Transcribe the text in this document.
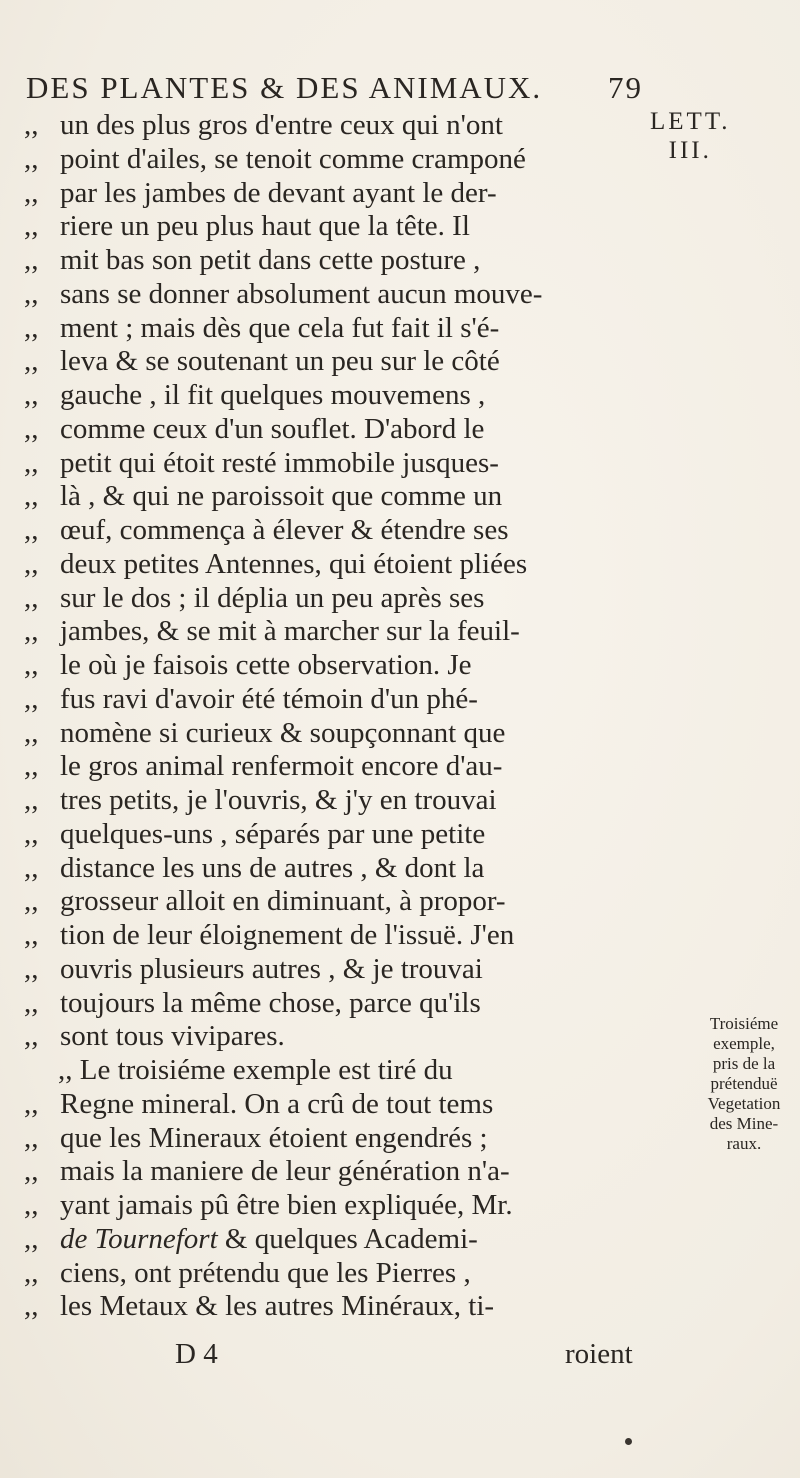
DES PLANTES & DES ANIMAUX. 79
LETT.
III.
,, un des plus gros d'entre ceux qui n'ont
,, point d'ailes, se tenoit comme cramponé
,, par les jambes de devant ayant le der-
,, riere un peu plus haut que la tête. Il
,, mit bas son petit dans cette posture ,
,, sans se donner absolument aucun mouve-
,, ment ; mais dès que cela fut fait il s'é-
,, leva & se soutenant un peu sur le côté
,, gauche , il fit quelques mouvemens ,
,, comme ceux d'un souflet. D'abord le
,, petit qui étoit resté immobile jusques-
,, là , & qui ne paroissoit que comme un
,, œuf, commença à élever & étendre ses
,, deux petites Antennes, qui étoient pliées
,, sur le dos ; il déplia un peu après ses
,, jambes, & se mit à marcher sur la feuil-
,, le où je faisois cette observation. Je
,, fus ravi d'avoir été témoin d'un phé-
,, nomène si curieux & soupçonnant que
,, le gros animal renfermoit encore d'au-
,, tres petits, je l'ouvris, & j'y en trouvai
,, quelques-uns , séparés par une petite
,, distance les uns de autres , & dont la
,, grosseur alloit en diminuant, à propor-
,, tion de leur éloignement de l'issuë. J'en
,, ouvris plusieurs autres , & je trouvai
,, toujours la même chose, parce qu'ils
,, sont tous vivipares.
,, Le troisiéme exemple est tiré du
,, Regne mineral. On a crû de tout tems
,, que les Mineraux étoient engendrés ;
,, mais la maniere de leur génération n'a-
,, yant jamais pû être bien expliquée, Mr.
,, de Tournefort & quelques Academi-
,, ciens, ont prétendu que les Pierres ,
,, les Metaux & les autres Minéraux, ti-
Troisiéme
exemple,
pris de la
prétenduë
Vegetation
des Mine-
raux.
D 4	roient
